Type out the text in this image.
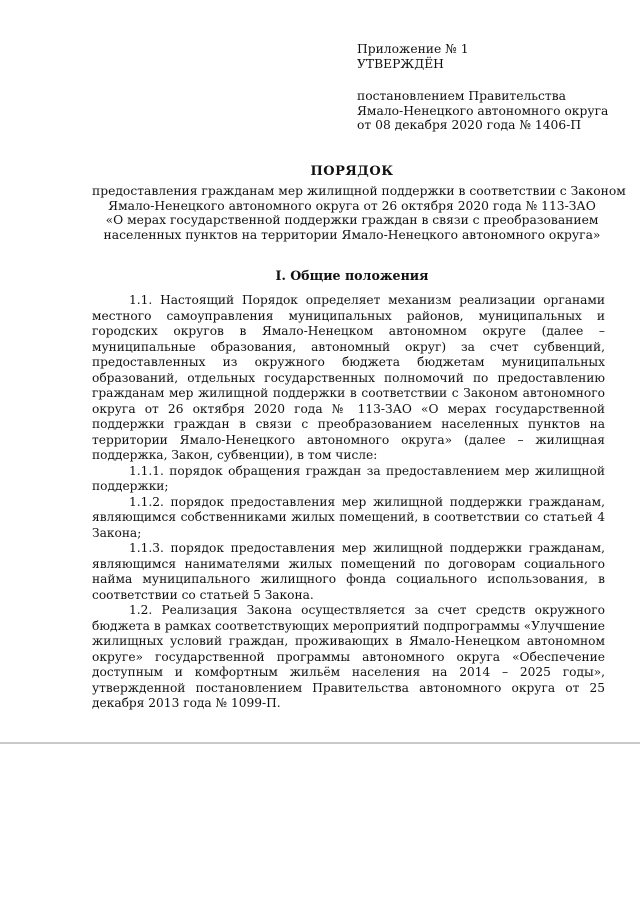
Приложение № 1
УТВЕРЖДЁН
постановлением Правительства
Ямало-Ненецкого автономного округа
от 08 декабря 2020 года № 1406-П
ПОРЯДОК
предоставления гражданам мер жилищной поддержки в соответствии с Законом
Ямало-Ненецкого автономного округа от 26 октября 2020 года № 113-ЗАО
«О мерах государственной поддержки граждан в связи с преобразованием
населенных пунктов на территории Ямало-Ненецкого автономного округа»
I. Общие положения

1.1. Настоящий Порядок определяет механизм реализации органами местного самоуправления муниципальных районов, муниципальных и городских округов в Ямало-Ненецком автономном округе (далее – муниципальные образования, автономный округ) за счет субвенций, предоставленных из окружного бюджета бюджетам муниципальных образований, отдельных государственных полномочий по предоставлению гражданам мер жилищной поддержки в соответствии с Законом автономного округа от 26 октября 2020 года № 113-ЗАО «О мерах государственной поддержки граждан в связи с преобразованием населенных пунктов на территории Ямало-Ненецкого автономного округа» (далее – жилищная поддержка, Закон, субвенции), в том числе:

1.1.1. порядок обращения граждан за предоставлением мер жилищной поддержки;

1.1.2. порядок предоставления мер жилищной поддержки гражданам, являющимся собственниками жилых помещений, в соответствии со статьей 4 Закона;

1.1.3. порядок предоставления мер жилищной поддержки гражданам, являющимся нанимателями жилых помещений по договорам социального найма муниципального жилищного фонда социального использования, в соответствии со статьей 5 Закона.

1.2. Реализация Закона осуществляется за счет средств окружного бюджета в рамках соответствующих мероприятий подпрограммы «Улучшение жилищных условий граждан, проживающих в Ямало-Ненецком автономном округе» государственной программы автономного округа «Обеспечение доступным и комфортным жильём населения на 2014 – 2025 годы», утвержденной постановлением Правительства автономного округа от 25 декабря 2013 года № 1099-П.
